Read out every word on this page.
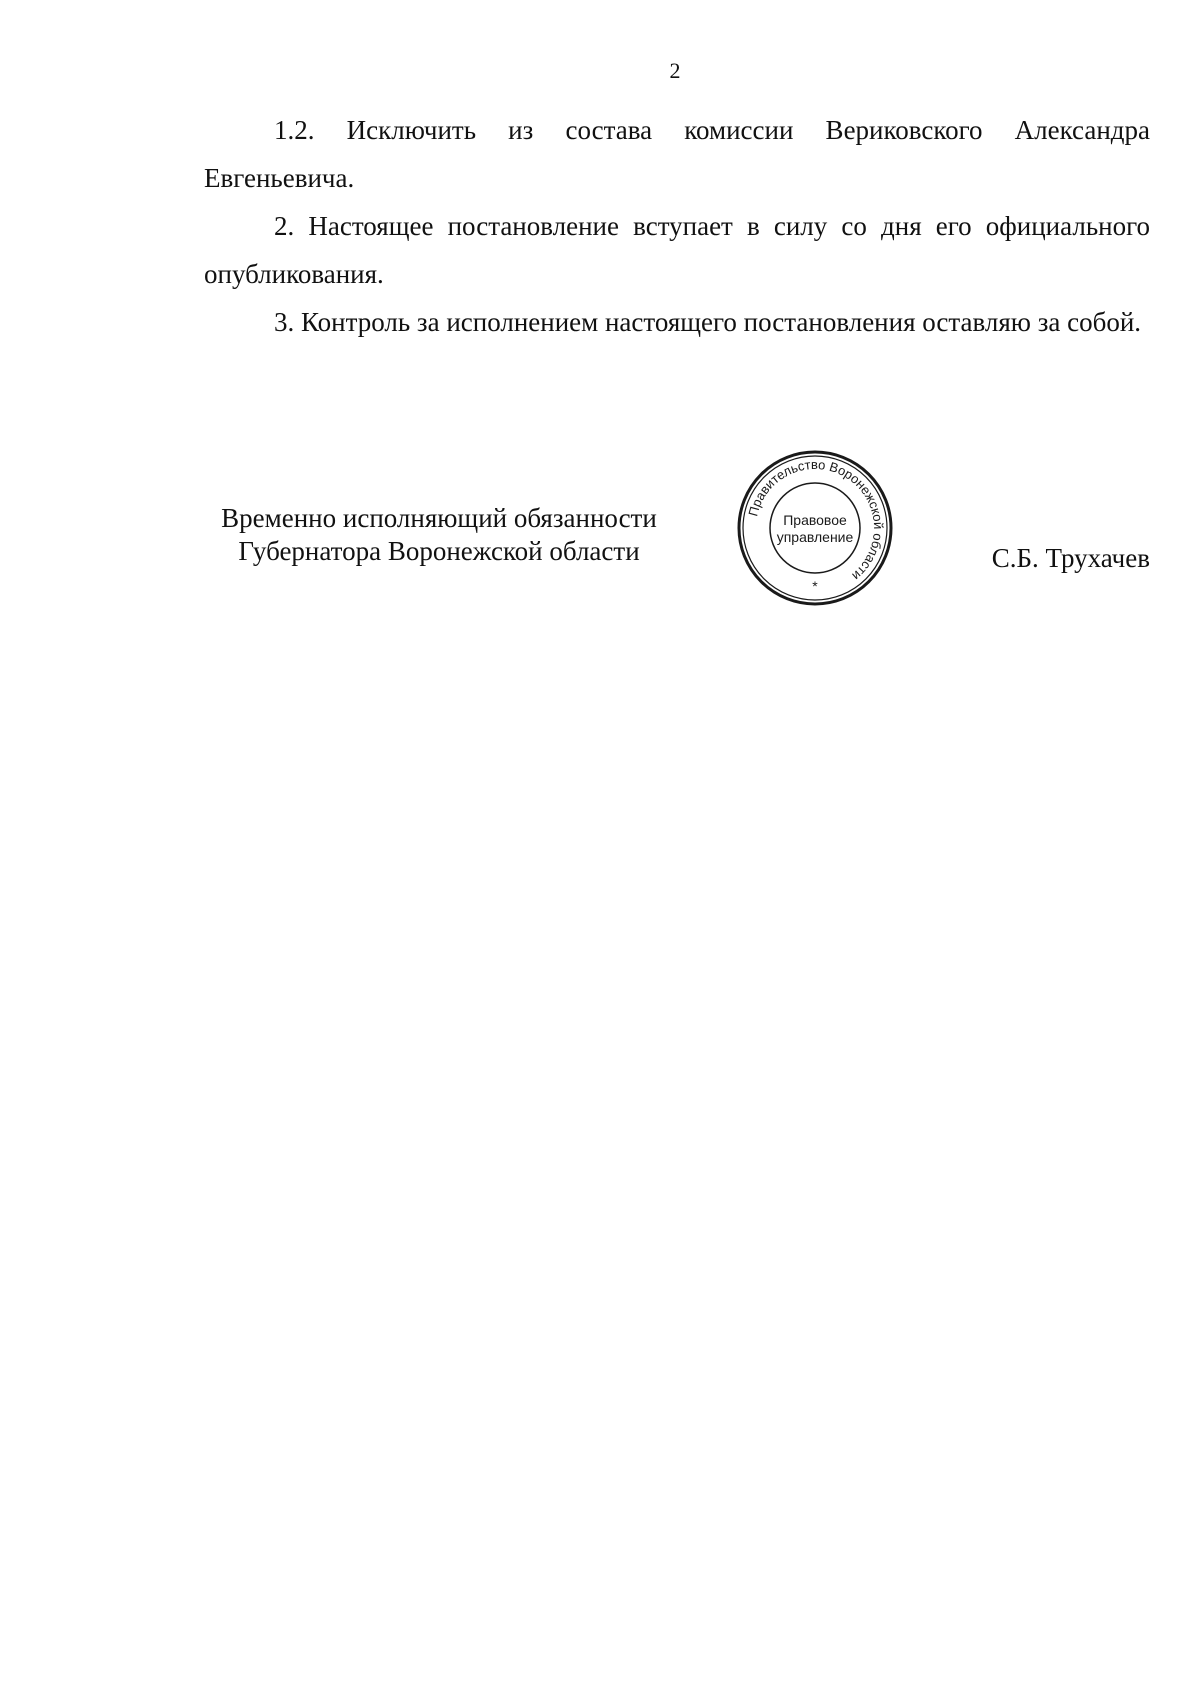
2

1.2. Исключить из состава комиссии Вериковского Александра Евгеньевича.

2. Настоящее постановление вступает в силу со дня его официального опубликования.

3. Контроль за исполнением настоящего постановления оставляю за собой.

Временно исполняющий обязанности
Губернатора Воронежской области
Правительство Воронежской области
Правовое
управление
*
С.Б. Трухачев
